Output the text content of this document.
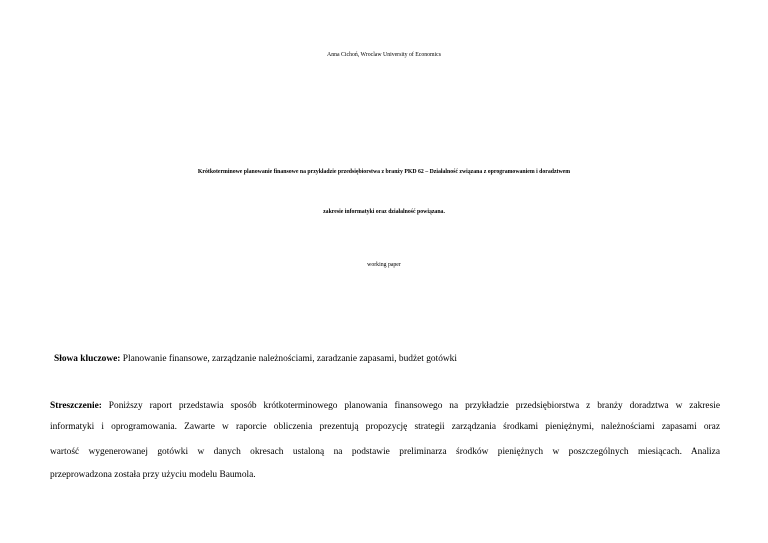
Anna Cichoń, Wroclaw University of Economics
Krótkoterminowe planowanie finansowe na przykładzie przedsiębiorstwa z branży PKD 62 – Działalność związana z oprogramowaniem i doradztwem
zakresie informatyki oraz działalność powiązana.
working paper
Słowa kluczowe: Planowanie finansowe, zarządzanie należnościami, zaradzanie zapasami, budżet gotówki
Streszczenie: Poniższy raport przedstawia sposób krótkoterminowego planowania finansowego na przykładzie przedsiębiorstwa z branży doradztwa w zakresie
informatyki i oprogramowania. Zawarte w raporcie obliczenia prezentują propozycję strategii zarządzania środkami pieniężnymi, należnościami zapasami oraz
wartość wygenerowanej gotówki w danych okresach ustaloną na podstawie preliminarza środków pieniężnych w poszczególnych miesiącach. Analiza
przeprowadzona została przy użyciu modelu Baumola.
